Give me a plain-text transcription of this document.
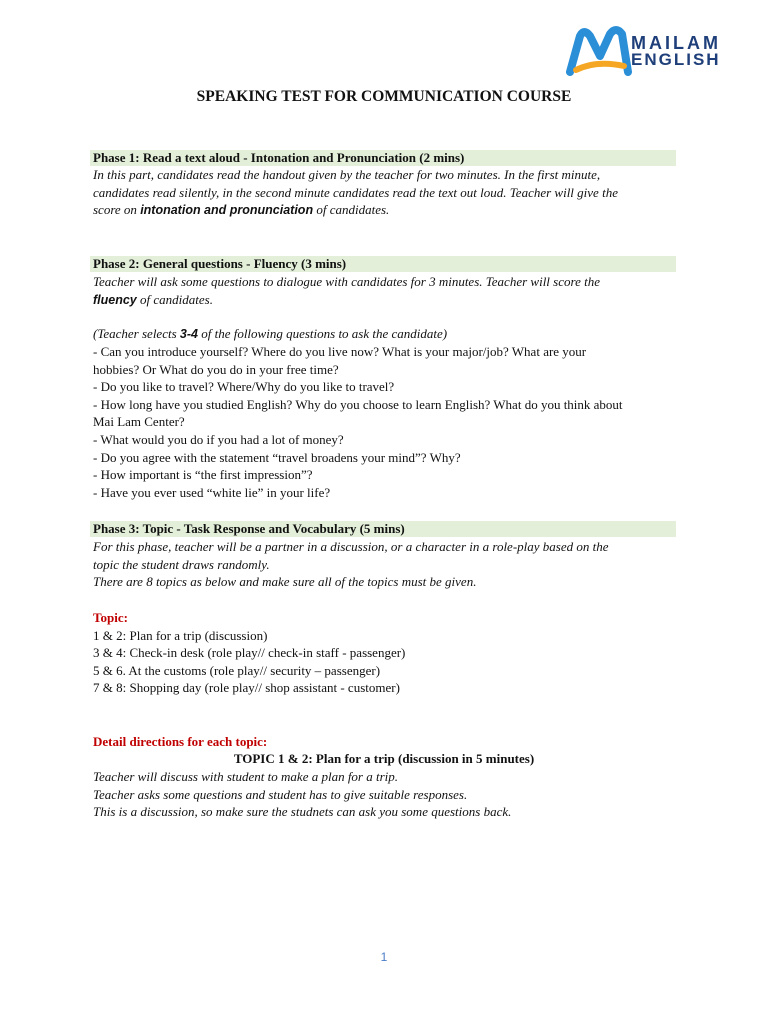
MAILAM
ENGLISH
SPEAKING TEST FOR COMMUNICATION COURSE
Phase 1: Read a text aloud - Intonation and Pronunciation (2 mins)
In this part, candidates read the handout given by the teacher for two minutes. In the first minute,
candidates read silently, in the second minute candidates read the text out loud. Teacher will give the
score on intonation and pronunciation of candidates.
Phase 2: General questions - Fluency (3 mins)
Teacher will ask some questions to dialogue with candidates for 3 minutes. Teacher will score the
fluency of candidates.
(Teacher selects 3-4 of the following questions to ask the candidate)
- Can you introduce yourself? Where do you live now? What is your major/job? What are your
hobbies? Or What do you do in your free time?
- Do you like to travel? Where/Why do you like to travel?
- How long have you studied English? Why do you choose to learn English? What do you think about
Mai Lam Center?
- What would you do if you had a lot of money?
- Do you agree with the statement “travel broadens your mind”? Why?
- How important is “the first impression”?
- Have you ever used “white lie” in your life?
Phase 3: Topic - Task Response and Vocabulary (5 mins)
For this phase, teacher will be a partner in a discussion, or a character in a role-play based on the
topic the student draws randomly.
There are 8 topics as below and make sure all of the topics must be given.
Topic:
1 & 2: Plan for a trip (discussion)
3 & 4: Check-in desk (role play// check-in staff - passenger)
5 & 6. At the customs (role play// security – passenger)
7 & 8: Shopping day (role play// shop assistant - customer)
Detail directions for each topic:
TOPIC 1 & 2: Plan for a trip (discussion in 5 minutes)
Teacher will discuss with student to make a plan for a trip.
Teacher asks some questions and student has to give suitable responses.
This is a discussion, so make sure the studnets can ask you some questions back.
1
